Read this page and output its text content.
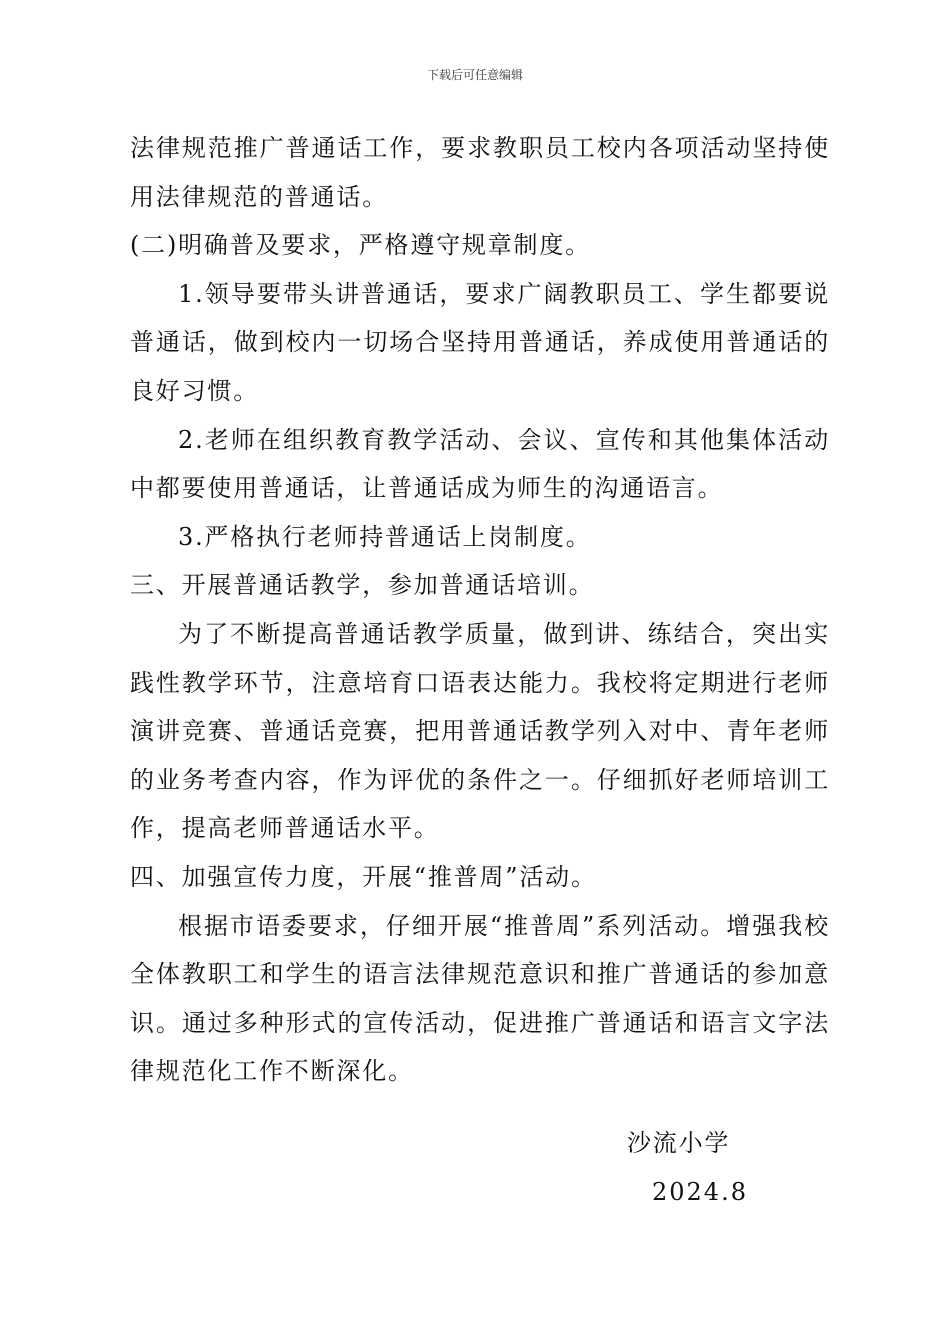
下载后可任意编辑

法律规范推广普通话工作，要求教职员工校内各项活动坚持使用法律规范的普通话。

(二)明确普及要求，严格遵守规章制度。

1.领导要带头讲普通话，要求广阔教职员工、学生都要说普通话，做到校内一切场合坚持用普通话，养成使用普通话的良好习惯。

2.老师在组织教育教学活动、会议、宣传和其他集体活动中都要使用普通话，让普通话成为师生的沟通语言。

3.严格执行老师持普通话上岗制度。

三、开展普通话教学，参加普通话培训。

为了不断提高普通话教学质量，做到讲、练结合，突出实践性教学环节，注意培育口语表达能力。我校将定期进行老师演讲竞赛、普通话竞赛，把用普通话教学列入对中、青年老师的业务考查内容，作为评优的条件之一。仔细抓好老师培训工作，提高老师普通话水平。

四、加强宣传力度，开展“推普周”活动。

根据市语委要求，仔细开展“推普周”系列活动。增强我校全体教职工和学生的语言法律规范意识和推广普通话的参加意识。通过多种形式的宣传活动，促进推广普通话和语言文字法律规范化工作不断深化。

沙流小学
2024.8
